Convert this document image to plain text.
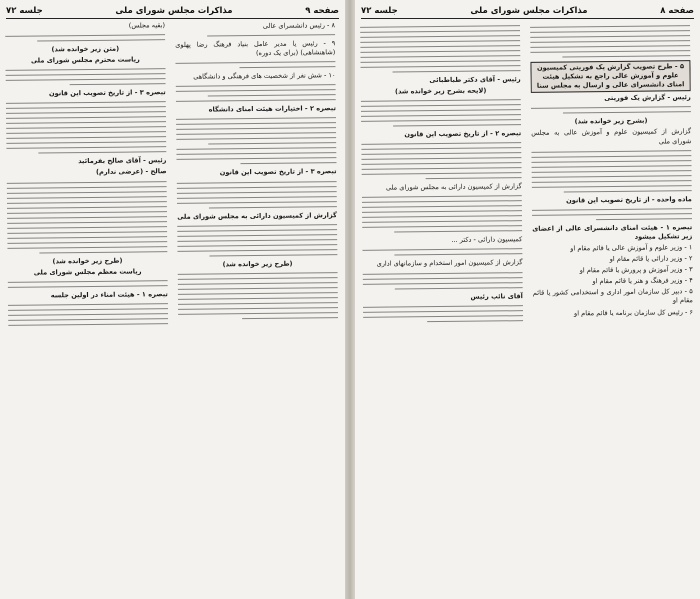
صفحه ۹
مذاکرات مجلس شورای ملی
جلسه ۷۲

۸ - رئیس دانشسرای عالی

۹ - رئیس یا مدیر عامل بنیاد فرهنگ رضا پهلوی (شاهنشاهی) (برای یک دوره)

۱۰ - شش نفر از شخصیت های فرهنگی و دانشگاهی

تبصره ۲ - اختیارات هیئت امنای دانشگاه

تبصره ۳ - از تاریخ تصویب این قانون

گزارش از کمیسیون دارائی به مجلس شورای ملی

(طرح زیر خوانده شد)

(بقیه مجلس)

(متن زیر خوانده شد)

ریاست محترم مجلس شورای ملی

تبصره ۳ - از تاریخ تصویب این قانون

رئیس - آقای صالح بفرمائید

صالح - (عرضی ندارم)

(طرح زیر خوانده شد)

ریاست معظم مجلس شورای ملی

تبصره ۱ - هیئت امناء در اولین جلسه

صفحه ۸
مذاکرات مجلس شورای ملی
جلسه ۷۲

۵ - طرح تصویب گزارش یک فوریتی کمیسیون علوم و آموزش عالی راجع به تشکیل هیئت امنای دانشسرای عالی و ارسال به مجلس سنا

رئیس - گزارش یک فوریتی

(بشرح زیر خوانده شد)

گزارش از کمیسیون علوم و آموزش عالی به مجلس شورای ملی

ماده واحده - از تاریخ تصویب این قانون

تبصره ۱ - هیئت امنای دانشسرای عالی از اعضای زیر تشکیل میشود

۱ - وزیر علوم و آموزش عالی یا قائم مقام او

۲ - وزیر دارائی یا قائم مقام او

۳ - وزیر آموزش و پرورش یا قائم مقام او

۴ - وزیر فرهنگ و هنر یا قائم مقام او

۵ - دبیر کل سازمان امور اداری و استخدامی کشور یا قائم مقام او

۶ - رئیس کل سازمان برنامه یا قائم مقام او

رئیس - آقای دکتر طباطبائی

(لایحه بشرح زیر خوانده شد)

تبصره ۲ - از تاریخ تصویب این قانون

گزارش از کمیسیون دارائی به مجلس شورای ملی

کمیسیون دارائی - دکتر ...

گزارش از کمیسیون امور استخدام و سازمانهای اداری

آقای نائب رئیس
